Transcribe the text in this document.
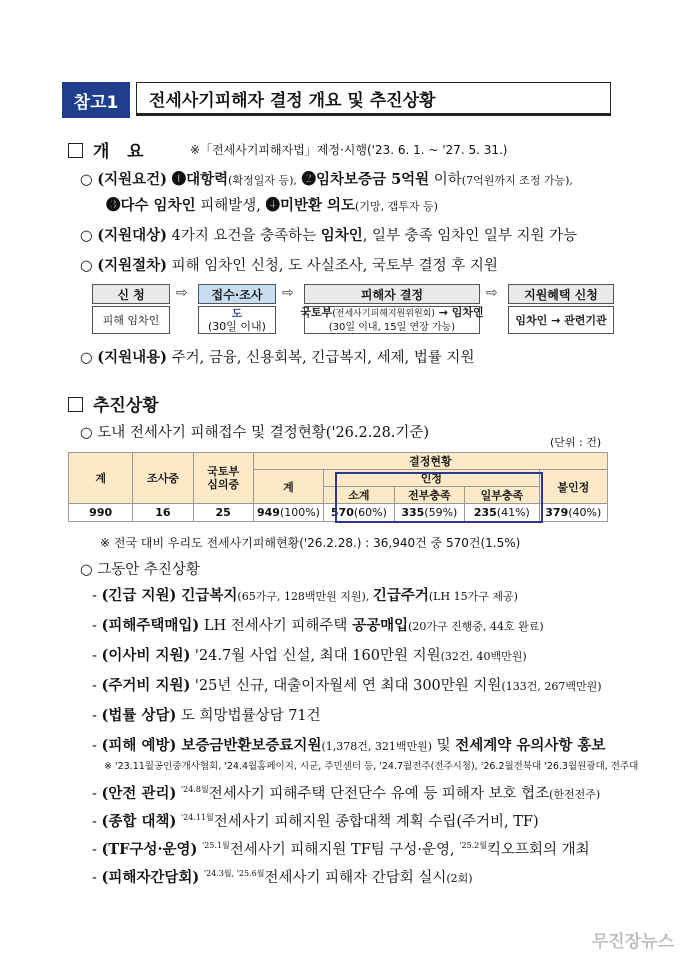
참고1	전세사기피해자 결정 개요 및 추진상황
개   요	※「전세사기피해자법」제정·시행('23. 6. 1. ~ '27. 5. 31.)
○ (지원요건) ❶대항력(확정일자 등), ❷임차보증금 5억원 이하(7억원까지 조정 가능),
❸다수 임차인 피해발생, ❹미반환 의도(기망, 갭투자 등)
○ (지원대상) 4가지 요건을 충족하는 임차인, 일부 충족 임차인 일부 지원 가능
○ (지원절차) 피해 임차인 신청, 도 사실조사, 국토부 결정 후 지원
신 청
피해 임차인
⇨	접수·조사
도
(30일 이내)
⇨	피해자 결정
국토부(전세사기피해지원위원회) → 임차인
(30일 이내, 15일 연장 가능)
⇨	지원혜택 신청
임차인 → 관련기관
○ (지원내용) 주거, 금융, 신용회복, 긴급복지, 세제, 법률 지원
추진상황
○ 도내 전세사기 피해접수 및 결정현황('26.2.28.기준)
(단위 : 건)
계	조사중	국토부
심의중	결정현황				
			계	인정			불인정
				소계	전부충족	일부충족	
990	16	25	949(100%)	570(60%)	335(59%)	235(41%)	379(40%)
※ 전국 대비 우리도 전세사기피해현황('26.2.28.) : 36,940건 중 570건(1.5%)
○ 그동안 추진상황
- (긴급 지원) 긴급복지(65가구, 128백만원 지원), 긴급주거(LH 15가구 제공)
- (피해주택매입) LH 전세사기 피해주택 공공매입(20가구 진행중, 44호 완료)
- (이사비 지원) '24.7월 사업 신설, 최대 160만원 지원(32건, 40백만원)
- (주거비 지원) '25년 신규, 대출이자월세 연 최대 300만원 지원(133건, 267백만원)
- (법률 상담) 도 희망법률상담 71건
- (피해 예방) 보증금반환보증료지원(1,378건, 321백만원) 및 전세계약 유의사항 홍보
※ '23.11월공인중개사협회, '24.4월홈페이지, 시군, 주민센터 등, '24.7월전주(전주시청), '26.2월전북대 '26.3월원광대, 전주대
- (안전 관리) $^{'24.8월}$전세사기 피해주택 단전단수 유예 등 피해자 보호 협조(한전전주)
- (종합 대책) $^{'24.11월}$전세사기 피해지원 종합대책 계획 수립(주거비, TF)
- (TF구성·운영) $^{'25.1월}$전세사기 피해지원 TF팀 구성·운영, $^{'25.2월}$킥오프회의 개최
- (피해자간담회) $^{'24.3월, '25.6월}$전세사기 피해자 간담회 실시(2회)
무진장뉴스
